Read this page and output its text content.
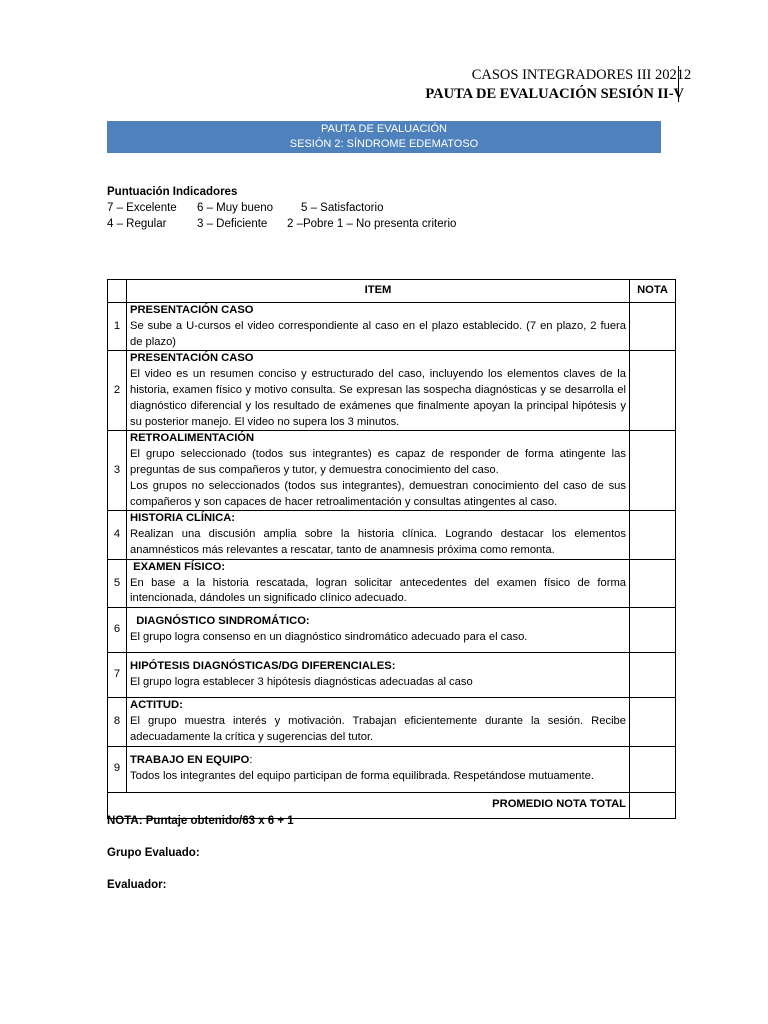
CASOS INTEGRADORES III 2021
PAUTA DE EVALUACIÓN SESIÓN II-V
2
PAUTA DE EVALUACIÓN
SESIÓN 2: SÍNDROME EDEMATOSO
Puntuación Indicadores
7 – Excelente 6 – Muy bueno 5 – Satisfactorio
4 – Regular	3 – Deficiente 2 –Pobre 1 – No presenta criterio
	ITEM	NOTA
1	PRESENTACIÓN CASO
Se sube a U-cursos el video correspondiente al caso en el plazo establecido. (7 en plazo, 2 fuera de plazo)	
2	PRESENTACIÓN CASO
El video es un resumen conciso y estructurado del caso, incluyendo los elementos claves de la historia, examen físico y motivo consulta. Se expresan las sospecha diagnósticas y se desarrolla el diagnóstico diferencial y los resultado de exámenes que finalmente apoyan la principal hipótesis y su posterior manejo. El video no supera los 3 minutos.	
3	RETROALIMENTACIÓN
El grupo seleccionado (todos sus integrantes) es capaz de responder de forma atingente las preguntas de sus compañeros y tutor, y demuestra conocimiento del caso.
Los grupos no seleccionados (todos sus integrantes), demuestran conocimiento del caso de sus compañeros y son capaces de hacer retroalimentación y consultas atingentes al caso.	
4	HISTORIA CLÍNICA:
Realizan una discusión amplia sobre la historia clínica. Logrando destacar los elementos anamnésticos más relevantes a rescatar, tanto de anamnesis próxima como remonta.	
5	EXAMEN FÍSICO:
En base a la historia rescatada, logran solicitar antecedentes del examen físico de forma intencionada, dándoles un significado clínico adecuado.	
6	DIAGNÓSTICO SINDROMÁTICO:
El grupo logra consenso en un diagnóstico sindromático adecuado para el caso.	
7	HIPÓTESIS DIAGNÓSTICAS/DG DIFERENCIALES:
El grupo logra establecer 3 hipótesis diagnósticas adecuadas al caso	
8	ACTITUD:
El grupo muestra interés y motivación. Trabajan eficientemente durante la sesión. Recibe adecuadamente la crítica y sugerencias del tutor.	
9	TRABAJO EN EQUIPO:
Todos los integrantes del equipo participan de forma equilibrada. Respetándose mutuamente.	
PROMEDIO NOTA TOTAL		
NOTA: Puntaje obtenido/63 x 6 + 1
Grupo Evaluado:
Evaluador:
